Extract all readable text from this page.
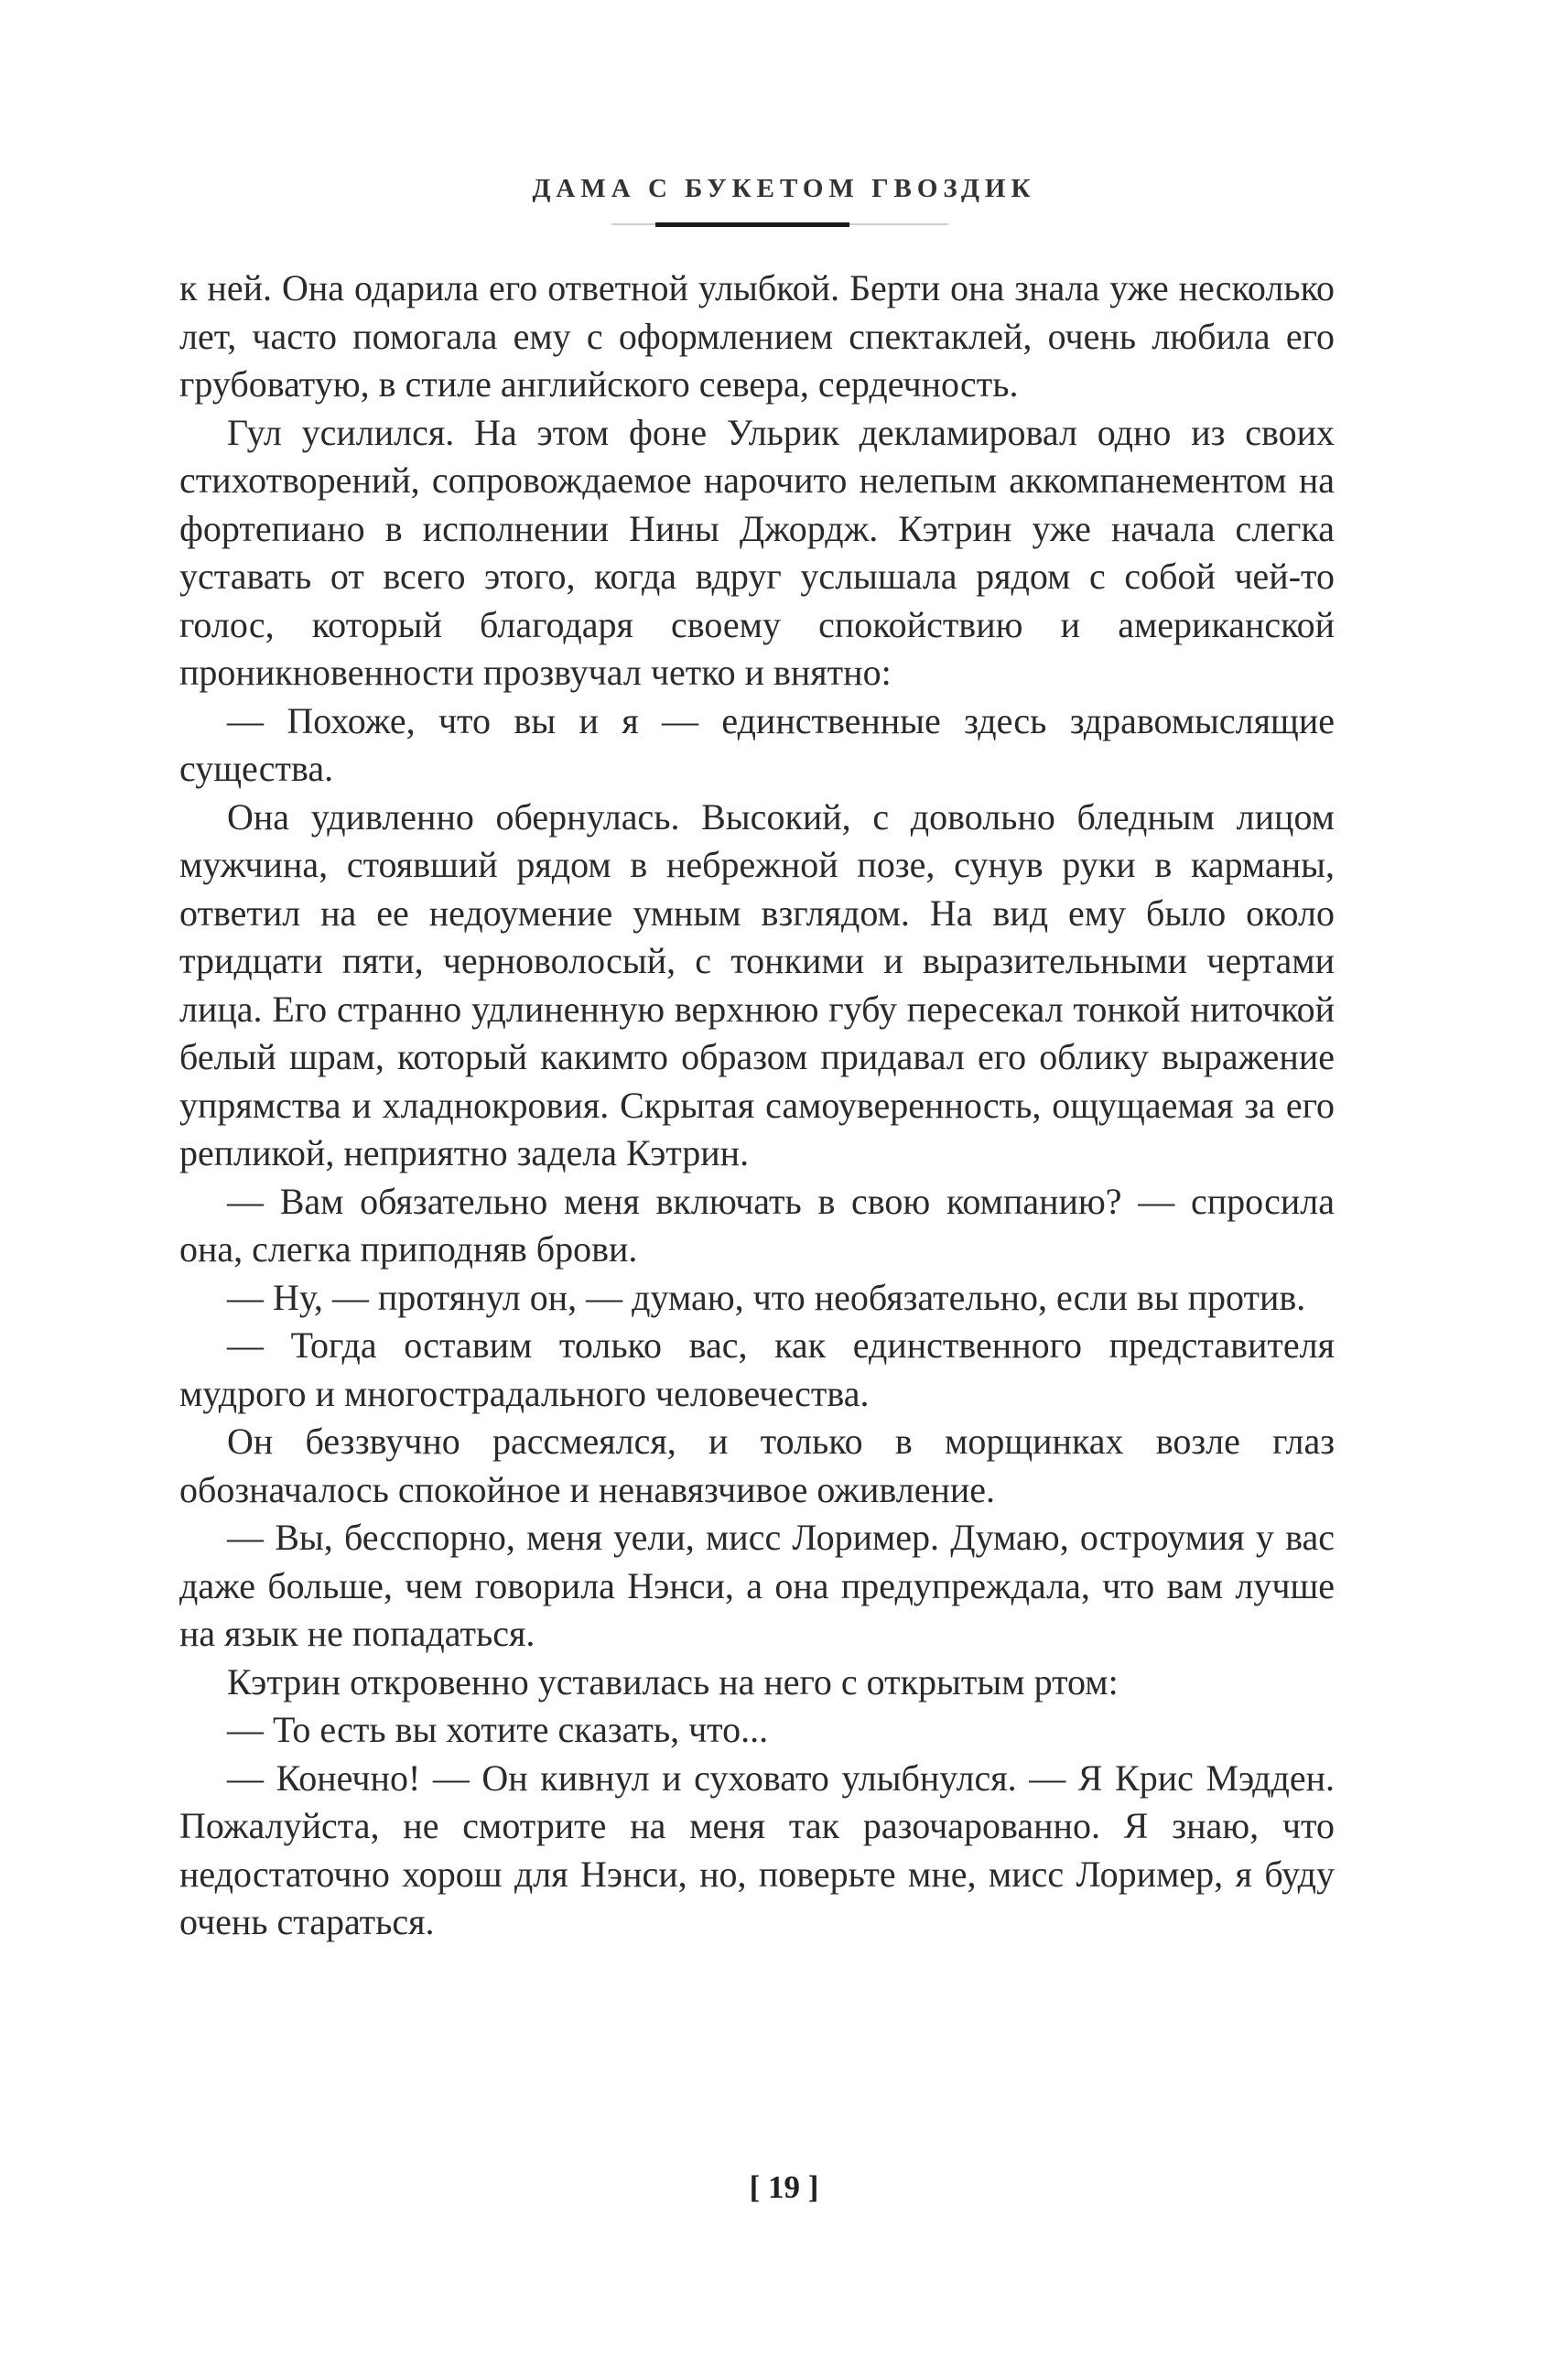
ДАМА С БУКЕТОМ ГВОЗДИК

к ней. Она одарила его ответной улыбкой. Берти она знала уже несколько лет, часто помогала ему с оформлением спектаклей, очень любила его грубоватую, в стиле английского севера, сердечность.

Гул усилился. На этом фоне Ульрик декламировал одно из своих стихотворений, сопровождаемое нарочито нелепым аккомпанементом на фортепиано в исполнении Нины Джордж. Кэтрин уже начала слегка уставать от всего этого, когда вдруг услышала рядом с собой чей-то голос, который благодаря своему спокойствию и американской проникновенности прозвучал четко и внятно:

— Похоже, что вы и я — единственные здесь здравомыслящие существа.

Она удивленно обернулась. Высокий, с довольно бледным лицом мужчина, стоявший рядом в небрежной позе, сунув руки в карманы, ответил на ее недоумение умным взглядом. На вид ему было около тридцати пяти, черноволосый, с тонкими и выразительными чертами лица. Его странно удлиненную верхнюю губу пересекал тонкой ниточкой белый шрам, который какимто образом придавал его облику выражение упрямства и хладнокровия. Скрытая самоуверенность, ощущаемая за его репликой, неприятно задела Кэтрин.

— Вам обязательно меня включать в свою компанию? — спросила она, слегка приподняв брови.

— Ну, — протянул он, — думаю, что необязательно, если вы против.

— Тогда оставим только вас, как единственного представителя мудрого и многострадального человечества.

Он беззвучно рассмеялся, и только в морщинках возле глаз обозначалось спокойное и ненавязчивое оживление.

— Вы, бесспорно, меня уели, мисс Лоример. Думаю, остроумия у вас даже больше, чем говорила Нэнси, а она предупреждала, что вам лучше на язык не попадаться.

Кэтрин откровенно уставилась на него с открытым ртом:

— То есть вы хотите сказать, что...

— Конечно! — Он кивнул и суховато улыбнулся. — Я Крис Мэдден. Пожалуйста, не смотрите на меня так разочарованно. Я знаю, что недостаточно хорош для Нэнси, но, поверьте мне, мисс Лоример, я буду очень стараться.

[ 19 ]
